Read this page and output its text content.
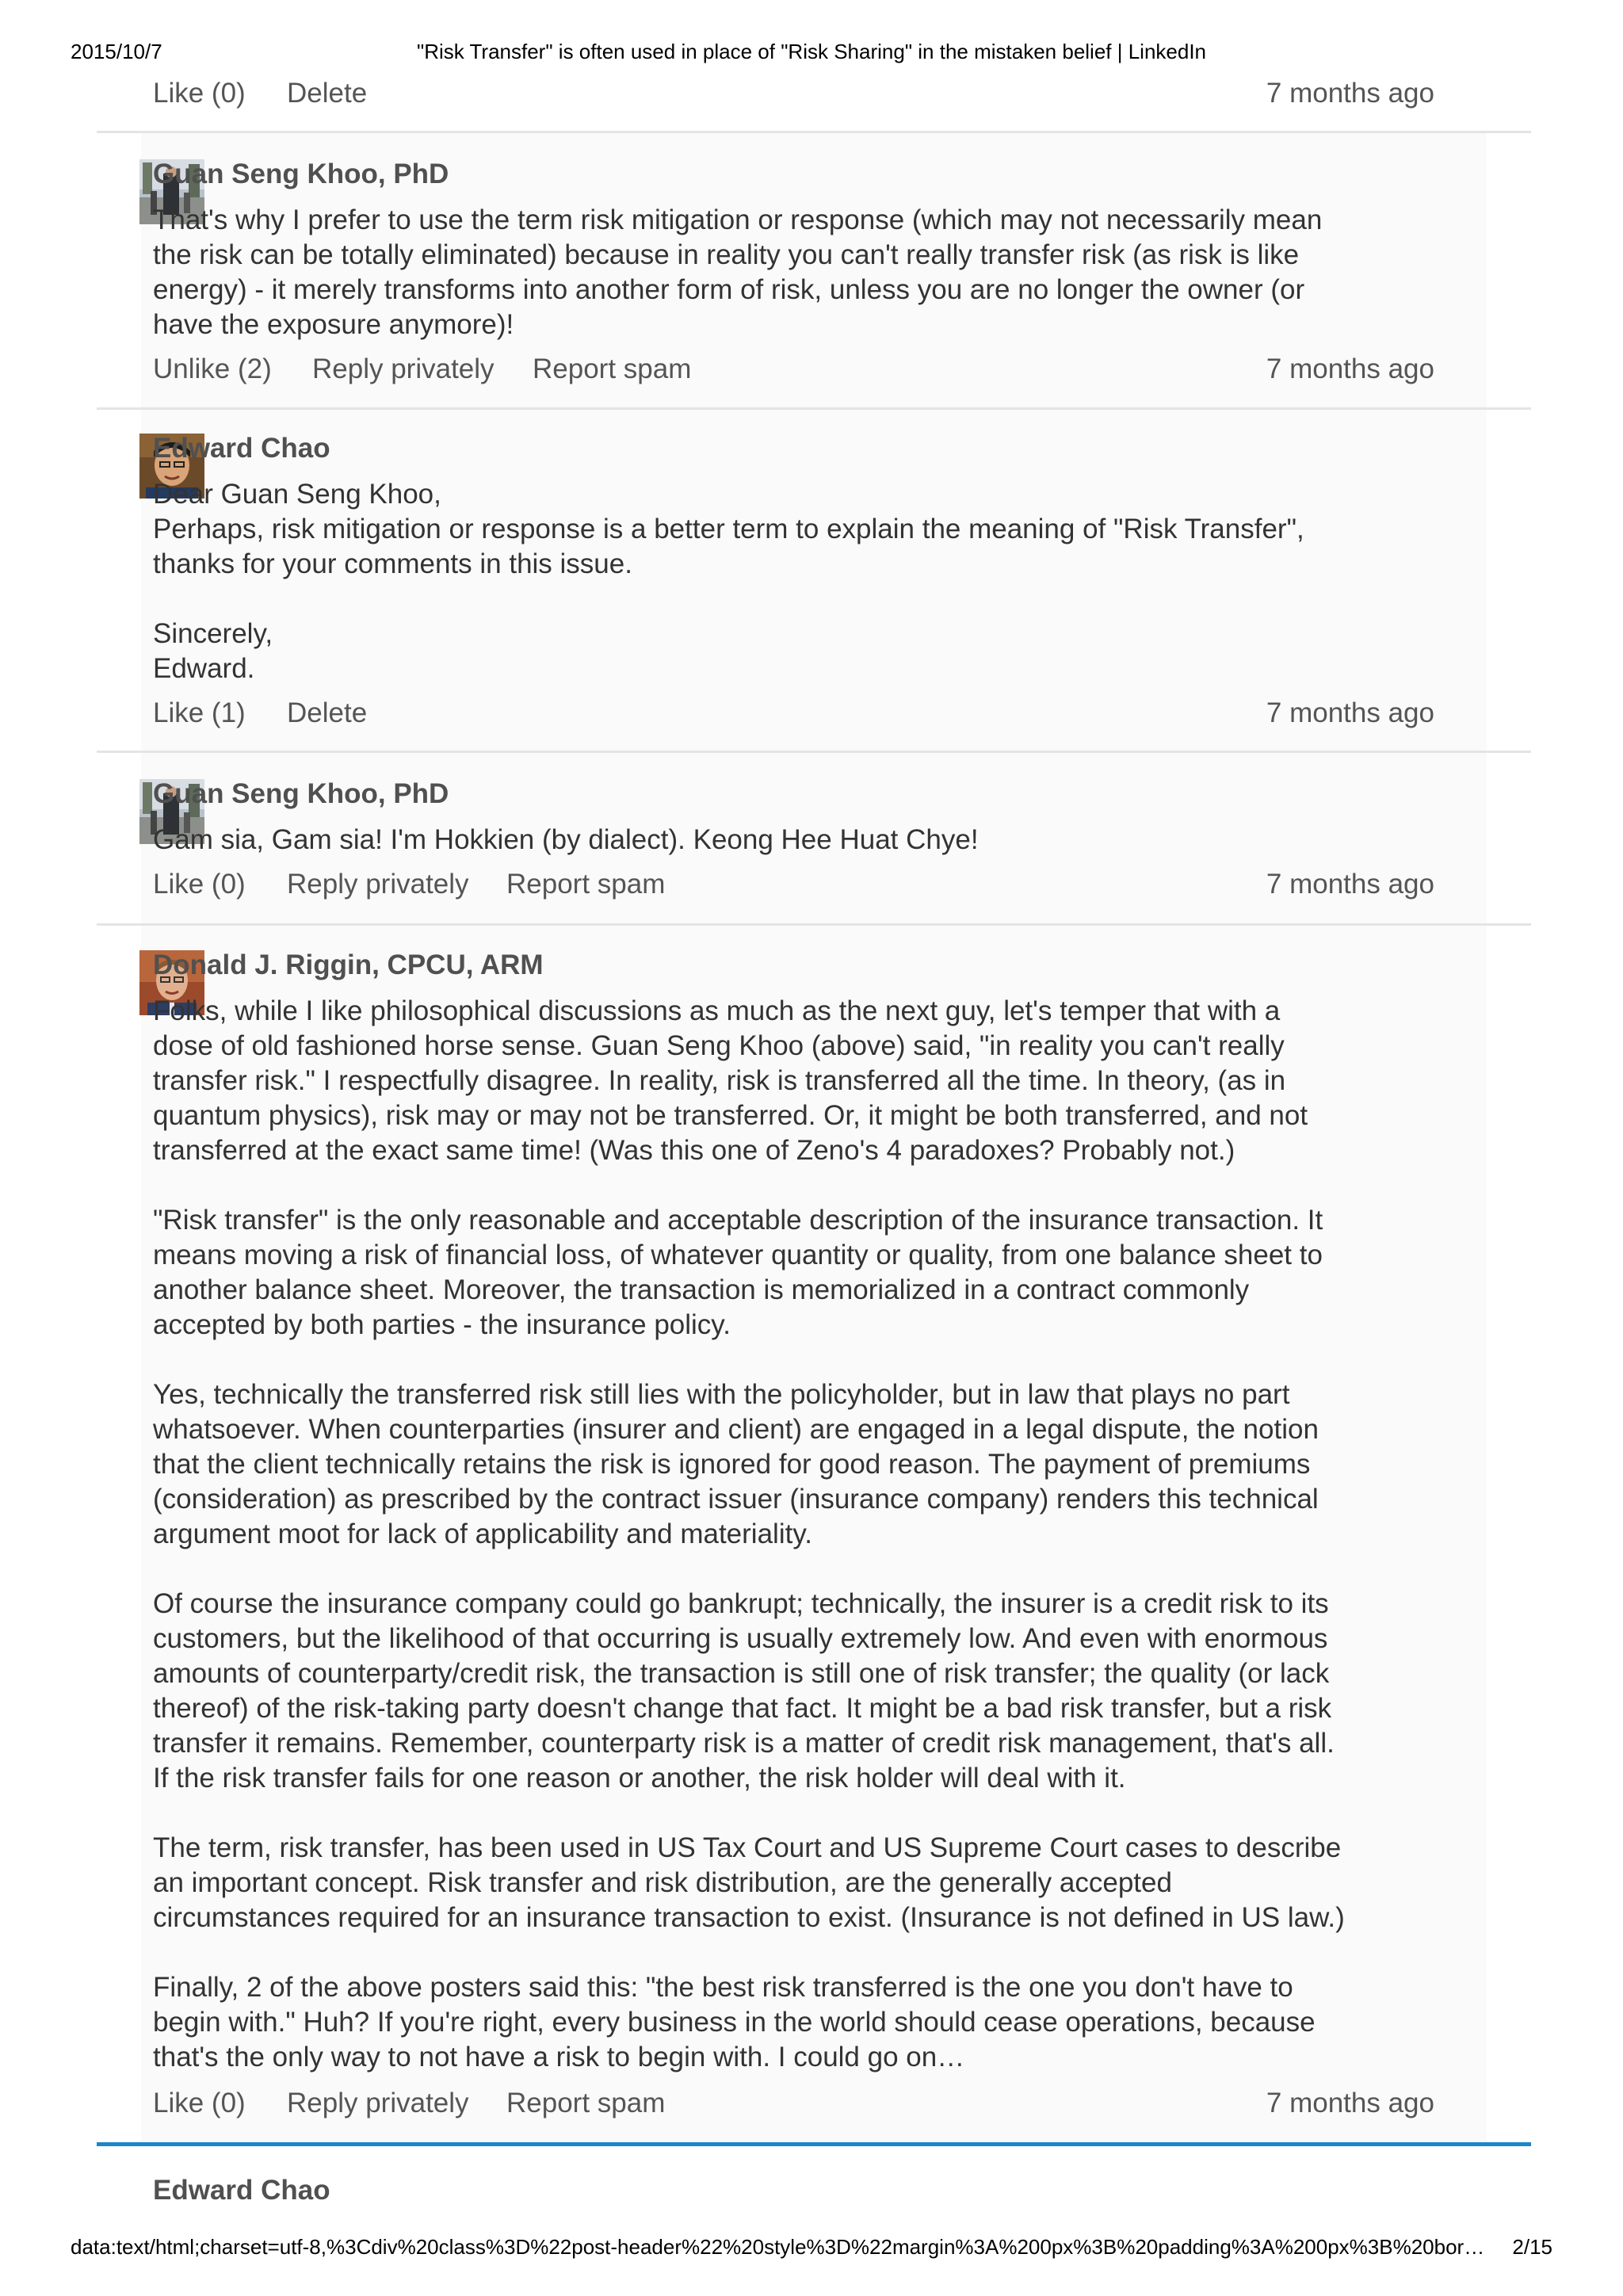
2015/10/7	"Risk Transfer" is often used in place of "Risk Sharing" in the mistaken belief | LinkedIn
Like (0) Delete	7 months ago
Guan Seng Khoo, PhD

That's why I prefer to use the term risk mitigation or response (which may not necessarily mean

the risk can be totally eliminated) because in reality you can't really transfer risk (as risk is like

energy) - it merely transforms into another form of risk, unless you are no longer the owner (or

have the exposure anymore)!

Unlike (2) Reply privately Report spam	7 months ago
Edward Chao

Dear Guan Seng Khoo,

Perhaps, risk mitigation or response is a better term to explain the meaning of "Risk Transfer",

thanks for your comments in this issue.

Sincerely,

Edward.

Like (1) Delete	7 months ago
Guan Seng Khoo, PhD

Gam sia, Gam sia! I'm Hokkien (by dialect). Keong Hee Huat Chye!

Like (0) Reply privately Report spam	7 months ago
Donald J. Riggin, CPCU, ARM

Folks, while I like philosophical discussions as much as the next guy, let's temper that with a

dose of old fashioned horse sense. Guan Seng Khoo (above) said, "in reality you can't really

transfer risk." I respectfully disagree. In reality, risk is transferred all the time. In theory, (as in

quantum physics), risk may or may not be transferred. Or, it might be both transferred, and not

transferred at the exact same time! (Was this one of Zeno's 4 paradoxes? Probably not.)

"Risk transfer" is the only reasonable and acceptable description of the insurance transaction. It

means moving a risk of financial loss, of whatever quantity or quality, from one balance sheet to

another balance sheet. Moreover, the transaction is memorialized in a contract commonly

accepted by both parties - the insurance policy.

Yes, technically the transferred risk still lies with the policyholder, but in law that plays no part

whatsoever. When counterparties (insurer and client) are engaged in a legal dispute, the notion

that the client technically retains the risk is ignored for good reason. The payment of premiums

(consideration) as prescribed by the contract issuer (insurance company) renders this technical

argument moot for lack of applicability and materiality.

Of course the insurance company could go bankrupt; technically, the insurer is a credit risk to its

customers, but the likelihood of that occurring is usually extremely low. And even with enormous

amounts of counterparty/credit risk, the transaction is still one of risk transfer; the quality (or lack

thereof) of the risk-taking party doesn't change that fact. It might be a bad risk transfer, but a risk

transfer it remains. Remember, counterparty risk is a matter of credit risk management, that's all.

If the risk transfer fails for one reason or another, the risk holder will deal with it.

The term, risk transfer, has been used in US Tax Court and US Supreme Court cases to describe

an important concept. Risk transfer and risk distribution, are the generally accepted

circumstances required for an insurance transaction to exist. (Insurance is not defined in US law.)

Finally, 2 of the above posters said this: "the best risk transferred is the one you don't have to

begin with." Huh? If you're right, every business in the world should cease operations, because

that's the only way to not have a risk to begin with. I could go on…

Like (0) Reply privately Report spam	7 months ago
Edward Chao
data:text/html;charset=utf-8,%3Cdiv%20class%3D%22post-header%22%20style%3D%22margin%3A%200px%3B%20padding%3A%200px%3B%20bor…	2/15
